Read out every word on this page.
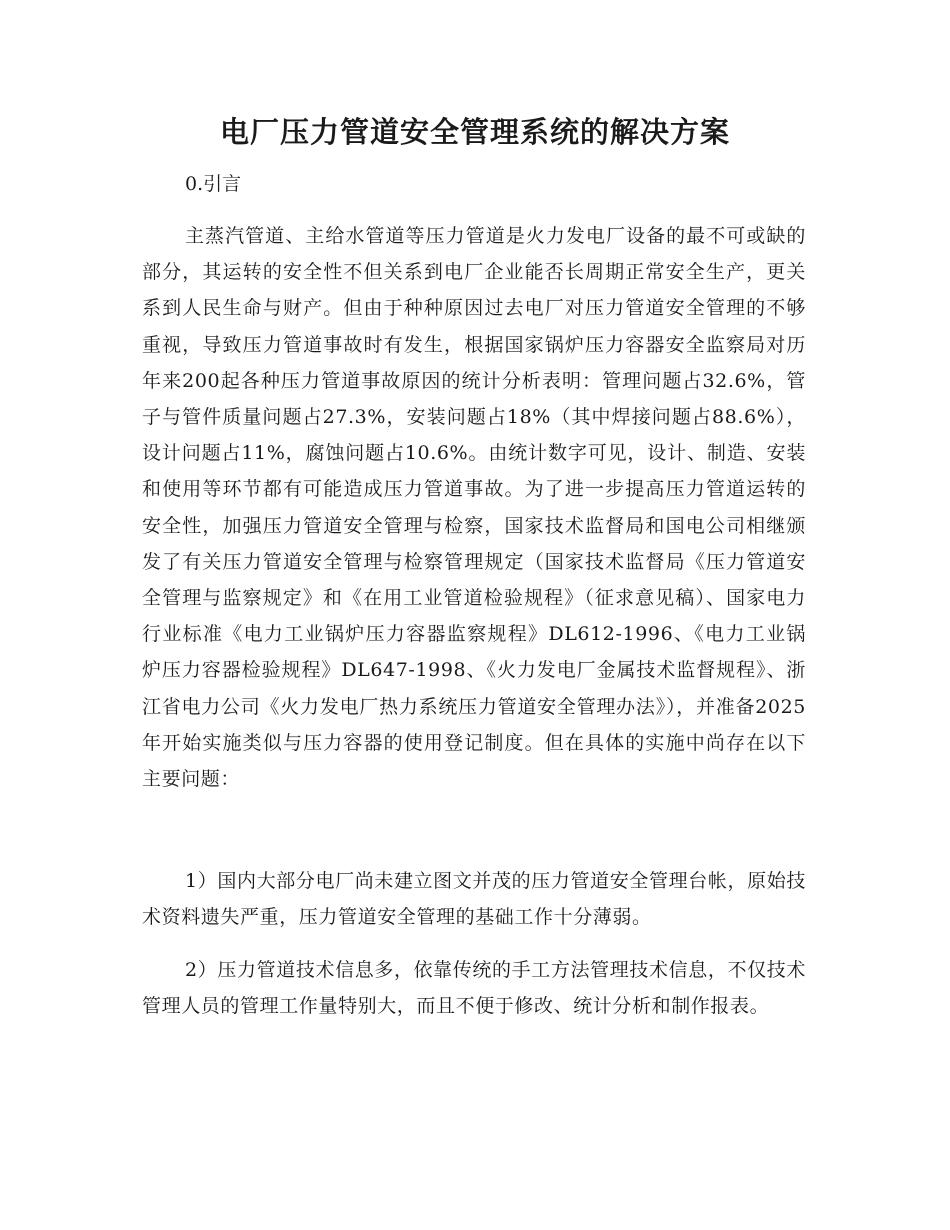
电厂压力管道安全管理系统的解决方案

0.引言

主蒸汽管道、主给水管道等压力管道是火力发电厂设备的最不可或缺的部分，其运转的安全性不但关系到电厂企业能否长周期正常安全生产，更关系到人民生命与财产。但由于种种原因过去电厂对压力管道安全管理的不够重视，导致压力管道事故时有发生，根据国家锅炉压力容器安全监察局对历年来200起各种压力管道事故原因的统计分析表明：管理问题占32.6%，管子与管件质量问题占27.3%，安装问题占18%（其中焊接问题占88.6%），设计问题占11%，腐蚀问题占10.6%。由统计数字可见，设计、制造、安装和使用等环节都有可能造成压力管道事故。为了进一步提高压力管道运转的安全性，加强压力管道安全管理与检察，国家技术监督局和国电公司相继颁发了有关压力管道安全管理与检察管理规定（国家技术监督局《压力管道安全管理与监察规定》和《在用工业管道检验规程》（征求意见稿）、国家电力行业标准《电力工业锅炉压力容器监察规程》DL612-1996、《电力工业锅炉压力容器检验规程》DL647-1998、《火力发电厂金属技术监督规程》、浙江省电力公司《火力发电厂热力系统压力管道安全管理办法》），并准备2025年开始实施类似与压力容器的使用登记制度。但在具体的实施中尚存在以下主要问题：

1）国内大部分电厂尚未建立图文并茂的压力管道安全管理台帐，原始技术资料遗失严重，压力管道安全管理的基础工作十分薄弱。

2）压力管道技术信息多，依靠传统的手工方法管理技术信息，不仅技术管理人员的管理工作量特别大，而且不便于修改、统计分析和制作报表。
